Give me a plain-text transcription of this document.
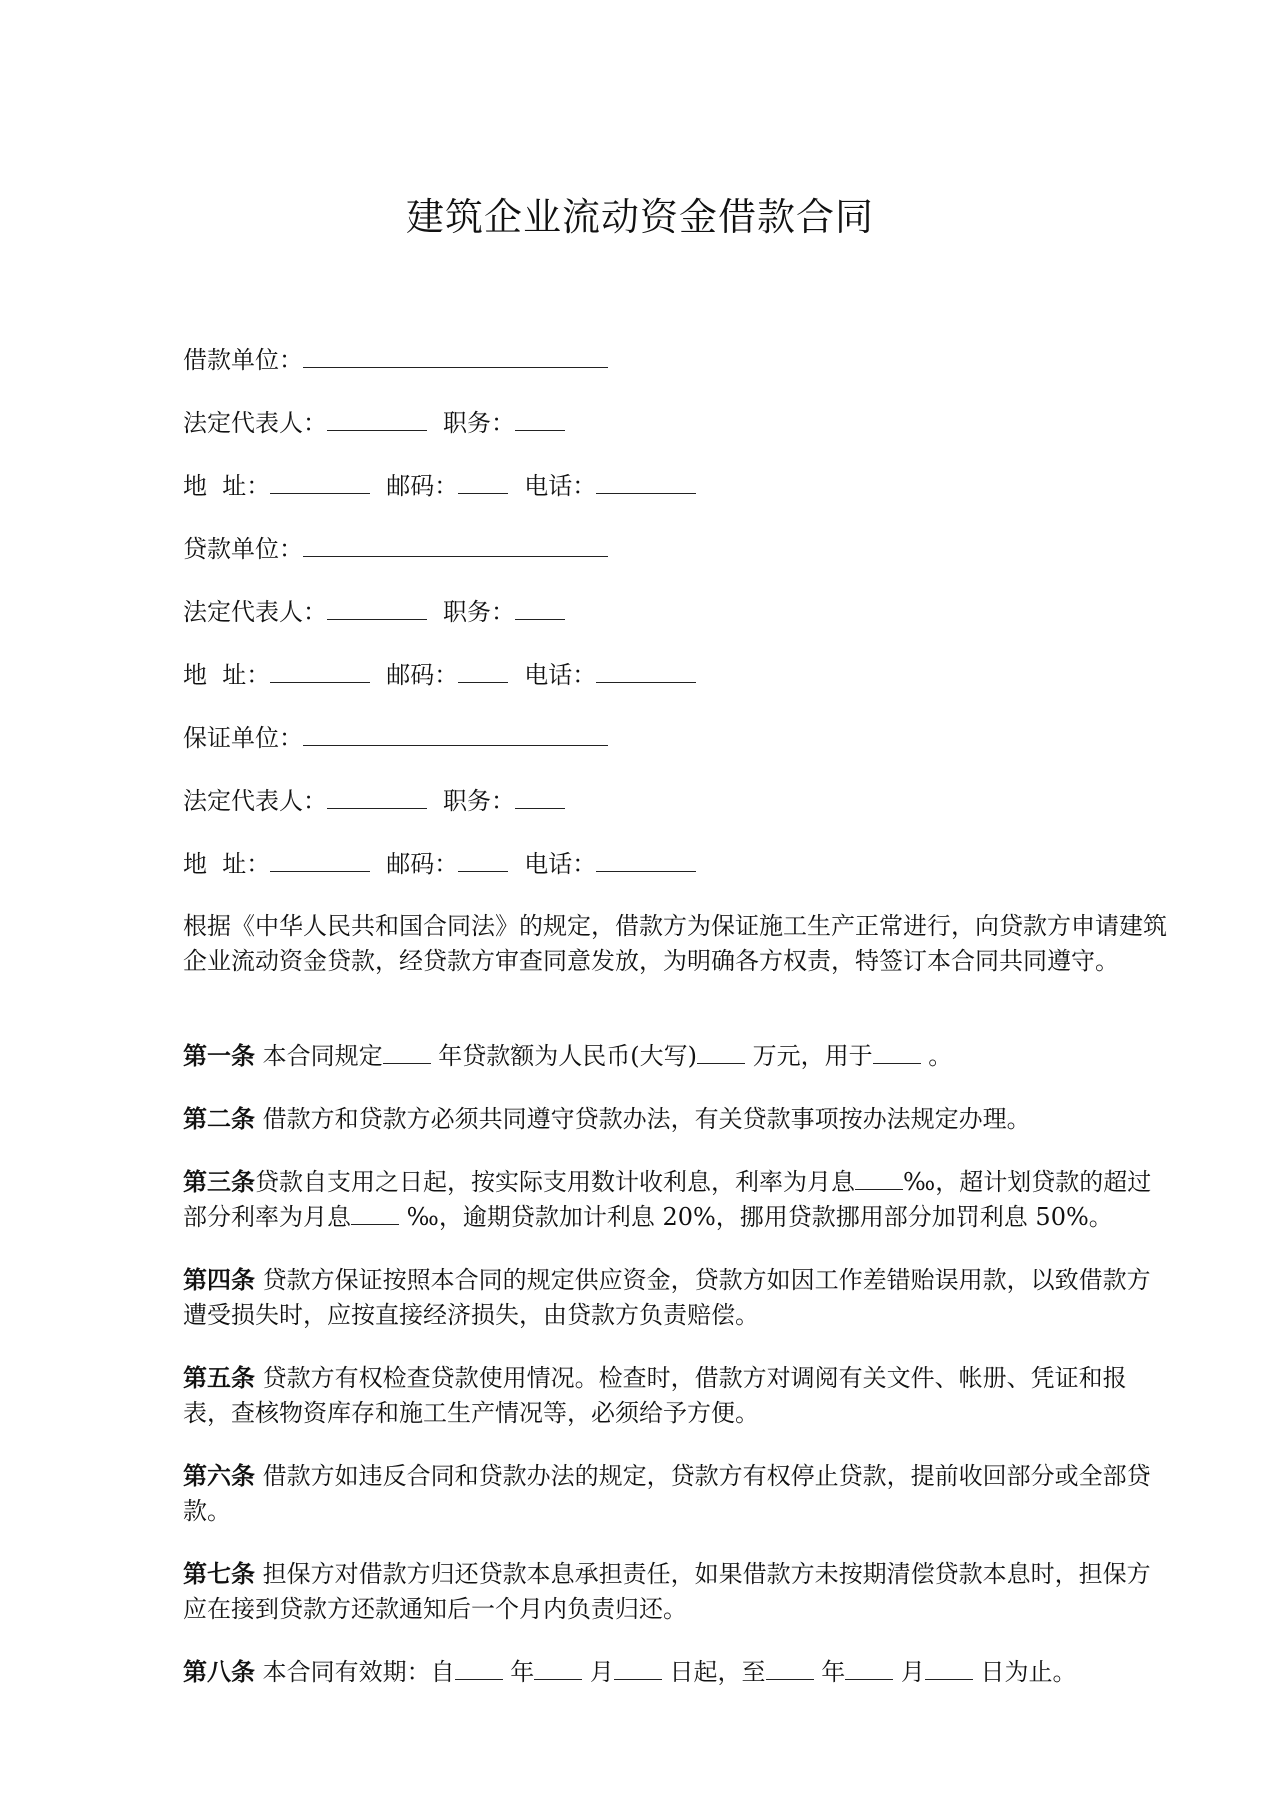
建筑企业流动资金借款合同
借款单位：
法定代表人：	职务：
地  址：	邮码：	电话：
贷款单位：
法定代表人：	职务：
地  址：	邮码：	电话：
保证单位：
法定代表人：	职务：
地  址：	邮码：	电话：
根据《中华人民共和国合同法》的规定，借款方为保证施工生产正常进行，向贷款方申请建筑企业流动资金贷款，经贷款方审查同意发放，为明确各方权责，特签订本合同共同遵守。
第一条 本合同规定 年贷款额为人民币(大写) 万元，用于 。
第二条 借款方和贷款方必须共同遵守贷款办法，有关贷款事项按办法规定办理。
第三条贷款自支用之日起，按实际支用数计收利息，利率为月息 ‰，超计划贷款的超过部分利率为月息 ‰，逾期贷款加计利息 20%，挪用贷款挪用部分加罚利息 50%。
第四条 贷款方保证按照本合同的规定供应资金，贷款方如因工作差错贻误用款，以致借款方遭受损失时，应按直接经济损失，由贷款方负责赔偿。
第五条 贷款方有权检查贷款使用情况。检查时，借款方对调阅有关文件、帐册、凭证和报表，查核物资库存和施工生产情况等，必须给予方便。
第六条 借款方如违反合同和贷款办法的规定，贷款方有权停止贷款，提前收回部分或全部贷款。
第七条 担保方对借款方归还贷款本息承担责任，如果借款方未按期清偿贷款本息时，担保方应在接到贷款方还款通知后一个月内负责归还。
第八条 本合同有效期：自 年 月 日起，至 年 月 日为止。
